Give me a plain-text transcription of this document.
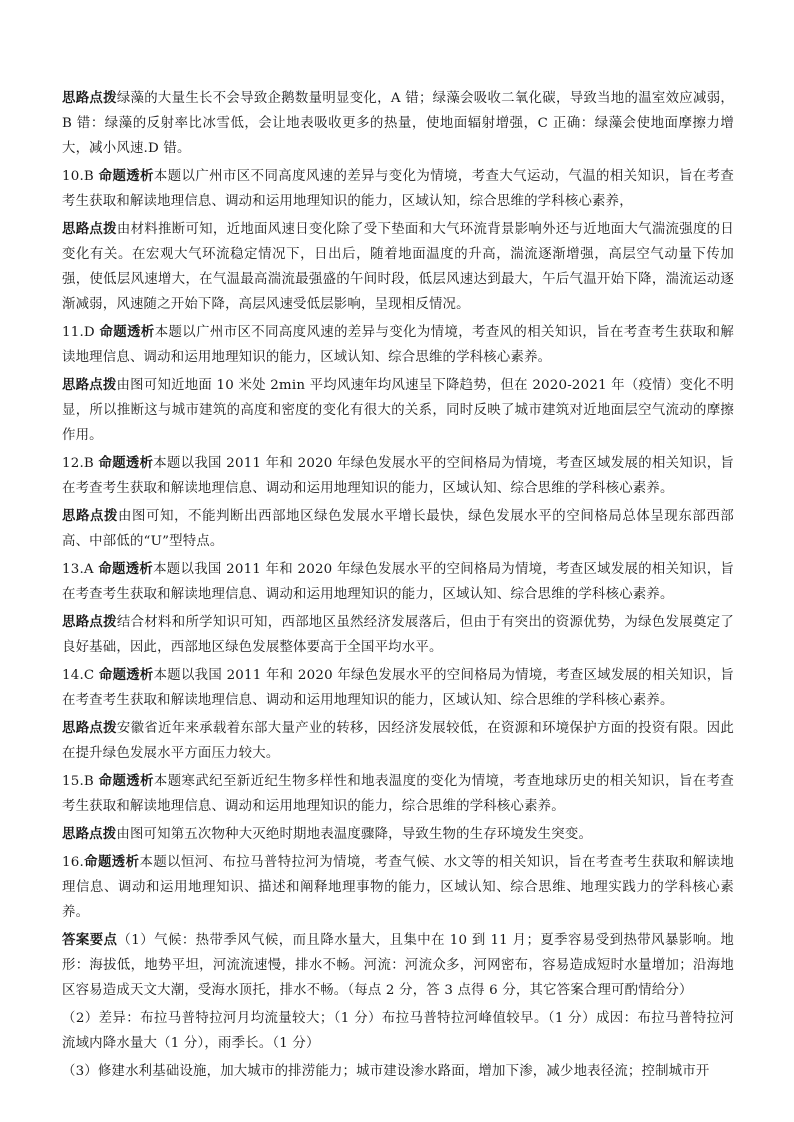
思路点拨绿藻的大量生长不会导致企鹅数量明显变化，A 错；绿藻会吸收二氧化碳，导致当地的温室效应减弱，B 错：绿藻的反射率比冰雪低，会让地表吸收更多的热量，使地面辐射增强，C 正确：绿藻会使地面摩擦力增大，减小风速.D 错。

10.B 命题透析本题以广州市区不同高度风速的差异与变化为情境，考查大气运动，气温的相关知识，旨在考查考生获取和解读地理信息、调动和运用地理知识的能力，区域认知，综合思维的学科核心素养，

思路点拨由材料推断可知，近地面风速日变化除了受下垫面和大气环流背景影响外还与近地面大气湍流强度的日变化有关。在宏观大气环流稳定情况下，日出后，随着地面温度的升高，湍流逐渐增强，高层空气动量下传加强，使低层风速增大，在气温最高湍流最强盛的午间时段，低层风速达到最大，午后气温开始下降，湍流运动逐渐减弱，风速随之开始下降，高层风速受低层影响，呈现相反情况。

11.D 命题透析本题以广州市区不同高度风速的差异与变化为情境，考查风的相关知识，旨在考查考生获取和解读地理信息、调动和运用地理知识的能力，区域认知、综合思维的学科核心素养。

思路点拨由图可知近地面 10 米处 2min 平均风速年均风速呈下降趋势，但在 2020-2021 年（疫情）变化不明显，所以推断这与城市建筑的高度和密度的变化有很大的关系，同时反映了城市建筑对近地面层空气流动的摩擦作用。

12.B 命题透析本题以我国 2011 年和 2020 年绿色发展水平的空间格局为情境，考查区域发展的相关知识，旨在考查考生获取和解读地理信息、调动和运用地理知识的能力，区域认知、综合思维的学科核心素养。

思路点拨由图可知，不能判断出西部地区绿色发展水平增长最快，绿色发展水平的空间格局总体呈现东部西部高、中部低的“U”型特点。

13.A 命题透析本题以我国 2011 年和 2020 年绿色发展水平的空间格局为情境，考查区域发展的相关知识，旨在考查考生获取和解读地理信息、调动和运用地理知识的能力，区域认知、综合思维的学科核心素养。

思路点拨结合材料和所学知识可知，西部地区虽然经济发展落后，但由于有突出的资源优势，为绿色发展奠定了良好基础，因此，西部地区绿色发展整体要高于全国平均水平。

14.C 命题透析本题以我国 2011 年和 2020 年绿色发展水平的空间格局为情境，考查区域发展的相关知识，旨在考查考生获取和解读地理信息、调动和运用地理知识的能力，区域认知、综合思维的学科核心素养。

思路点拨安徽省近年来承载着东部大量产业的转移，因经济发展较低，在资源和环境保护方面的投资有限。因此在提升绿色发展水平方面压力较大。

15.B 命题透析本题寒武纪至新近纪生物多样性和地表温度的变化为情境，考查地球历史的相关知识，旨在考查考生获取和解读地理信息、调动和运用地理知识的能力，综合思维的学科核心素养。

思路点拨由图可知第五次物种大灭绝时期地表温度骤降，导致生物的生存环境发生突变。

16.命题透析本题以恒河、布拉马普特拉河为情境，考查气候、水文等的相关知识，旨在考查考生获取和解读地理信息、调动和运用地理知识、描述和阐释地理事物的能力，区域认知、综合思维、地理实践力的学科核心素养。

答案要点（1）气候：热带季风气候，而且降水量大，且集中在 10 到 11 月；夏季容易受到热带风暴影响。地形：海拔低，地势平坦，河流流速慢，排水不畅。河流：河流众多，河网密布，容易造成短时水量增加；沿海地区容易造成天文大潮，受海水顶托，排水不畅。（每点 2 分，答 3 点得 6 分，其它答案合理可酌情给分）

（2）差异：布拉马普特拉河月均流量较大；（1 分）布拉马普特拉河峰值较早。（1 分）成因：布拉马普特拉河流域内降水量大（1 分），雨季长。（1 分）

（3）修建水利基础设施，加大城市的排涝能力；城市建设渗水路面，增加下渗，减少地表径流；控制城市开
